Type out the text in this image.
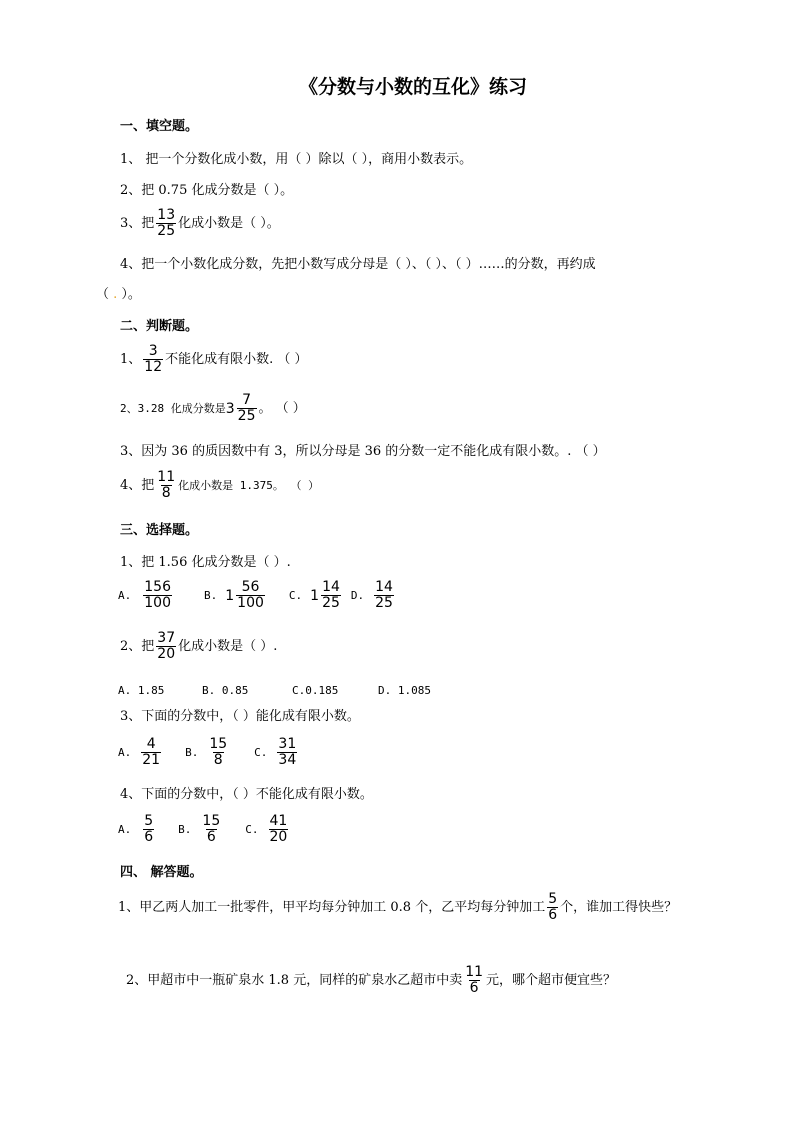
《分数与小数的互化》练习
一、填空题。
1、 把一个分数化成小数，用（ ）除以（ ），商用小数表示。
2、把 0.75 化成分数是（ ）。
3、把 $\frac{13}{25}$ 化成小数是（ ）。
4、把一个小数化成分数，先把小数写成分母是（ ）、（ ）、（ ）……的分数，再约成
（ . ）。
二、判断题。
1、 $\frac{3}{12}$ 不能化成有限小数. （ ）
2、3.28 化成分数是 $3 \frac{7}{25}$ 。 （ ）
3、因为 36 的质因数中有 3，所以分母是 36 的分数一定不能化成有限小数。. （ ）
4、把 $\frac{11}{8}$ 化成小数是 1.375。 （ ）
三、选择题。
1、把 1.56 化成分数是（ ）.
A. $\frac{156}{100}$	B. $1 \frac{56}{100} C$. $1 \frac{14}{25} D$. $\frac{14}{25}$
2、把 $\frac{37}{20}$ 化成小数是（ ）.
A. 1.85	B. 0.85	C.0.185	D. 1.085
3、下面的分数中，（ ）能化成有限小数。
A. $\frac{4}{21} B$. $\frac{15}{8} C$. $\frac{31}{34}$
4、下面的分数中，（ ）不能化成有限小数。
A. $\frac{5}{6} B$. $\frac{15}{6} C$. $\frac{41}{20}$
四、 解答题。
1、甲乙两人加工一批零件，甲平均每分钟加工 0.8 个，乙平均每分钟加工 $\frac{5}{6}$ 个，谁加工得快些？
2、甲超市中一瓶矿泉水 1.8 元，同样的矿泉水乙超市中卖 $\frac{11}{6}$ 元，哪个超市便宜些？
